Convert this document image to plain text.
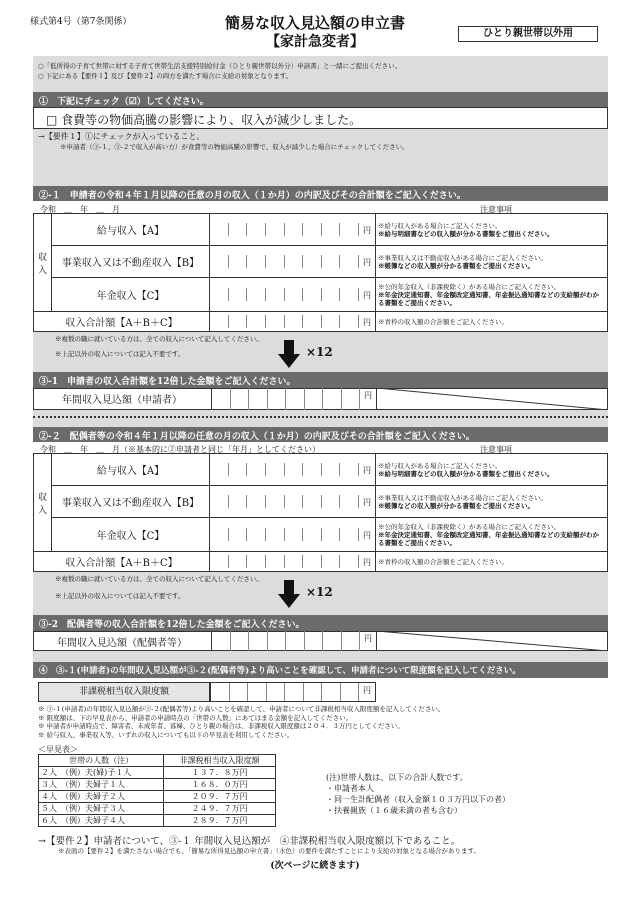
様式第4号（第7条関係）	簡易な収入見込額の申立書
【家計急変者】
ひとり親世帯以外用
○「低所得の子育て世帯に対する子育て世帯生活支援特別給付金（ひとり親世帯以外分）申請書」と一緒にご提出ください。
○ 下記にある【要件１】及び【要件２】の両方を満たす場合に支給の対象となります。
①　下記にチェック（☑）してください。
□ 食費等の物価高騰の影響により、収入が減少しました。
→【要件１】①にチェックが入っていること。
※申請者（③-１、③-２で収入が高い方）が食費等の物価高騰の影響で、収入が減少した場合にチェックしてください。
②-１　申請者の令和４年１月以降の任意の月の収入（１か月）の内訳及びその合計額をご記入ください。
令和　＿　年　＿　月	注意事項
収入	給与収入【A】	円	※給与収入がある場合にご記入ください。
※給与明細書などの収入額が分かる書類をご提出ください。

	事業収入又は不動産収入【B】	円	※事業収入又は不動産収入がある場合にご記入ください。
※帳簿などの収入額が分かる書類をご提出ください。

	年金収入【C】	円	※公的年金収入（非課税除く）がある場合にご記入ください。
※年金決定通知書、年金額改定通知書、年金振込通知書などの支給額がわかる書類をご提出ください。

収入合計額【A＋B＋C】		円	※青枠の収入額の合計額をご記入ください。
※複数の職に就いている方は、全ての収入について記入してください。
※上記以外の収入については記入不要です。	×12
③-1　申請者の収入合計額を12倍した金額をご記入ください。
年間収入見込額（申請者）	円
②-２　配偶者等の令和４年１月以降の任意の月の収入（１か月）の内訳及びその合計額をご記入ください。
令和　＿　年　＿　月（※基本的に②申請者と同じ「年月」としてください）	注意事項
収入	給与収入【A】	円	※給与収入がある場合にご記入ください。
※給与明細書などの収入額が分かる書類をご提出ください。

	事業収入又は不動産収入【B】	円	※事業収入又は不動産収入がある場合にご記入ください。
※帳簿などの収入額が分かる書類をご提出ください。

	年金収入【C】	円	※公的年金収入（非課税除く）がある場合にご記入ください。
※年金決定通知書、年金額改定通知書、年金振込通知書などの支給額がわかる書類をご提出ください。

収入合計額【A＋B＋C】		円	※青枠の収入額の合計額をご記入ください。
※複数の職に就いている方は、全ての収入について記入してください。
※上記以外の収入については記入不要です。	×12
③-2　配偶者等の収入合計額を12倍した金額をご記入ください。
年間収入見込額（配偶者等）	円
④　③-１(申請者)の年間収入見込額が③-２(配偶者等)より高いことを確認して、申請者について限度額を記入してください。
非課税相当収入限度額	円
※ ③-１(申請者)の年間収入見込額が③-２(配偶者等)より高いことを確認して、申請者について非課税相当収入限度額を記入してください。
※ 限度額は、下の早見表から、申請者の申請時点の「世帯の人数」にあてはまる金額を記入してください。
※ 申請者が申請時点で、障害者、未成年者、寡婦、ひとり親の場合は、非課税収入限度額は２０４．３万円としてください。
※ 給与収入、事業収入等、いずれの収入についても以下の早見表を利用してください。
＜早見表＞
世帯の人数（注）	非課税相当収入限度額
２人　（例）夫(婦)子１人	１３７．８万円
３人　（例）夫婦子１人	１６８．０万円
４人　（例）夫婦子２人	２０９．７万円
５人　（例）夫婦子３人	２４９．７万円
６人　（例）夫婦子４人	２８９．７万円
(注)世帯人数は、以下の合計人数です。
・申請者本人
・同一生計配偶者（収入金額１０３万円以下の者）
・扶養親族（１６歳未満の者も含む）
→【要件２】申請者について、③-１ 年間収入見込額が　④非課税相当収入限度額以下であること。
※表面の【要件２】を満たさない場合でも、「簡易な所得見込額の申立書」（水色）の要件を満たすことにより支給の対象となる場合があります。
(次ページに続きます)
